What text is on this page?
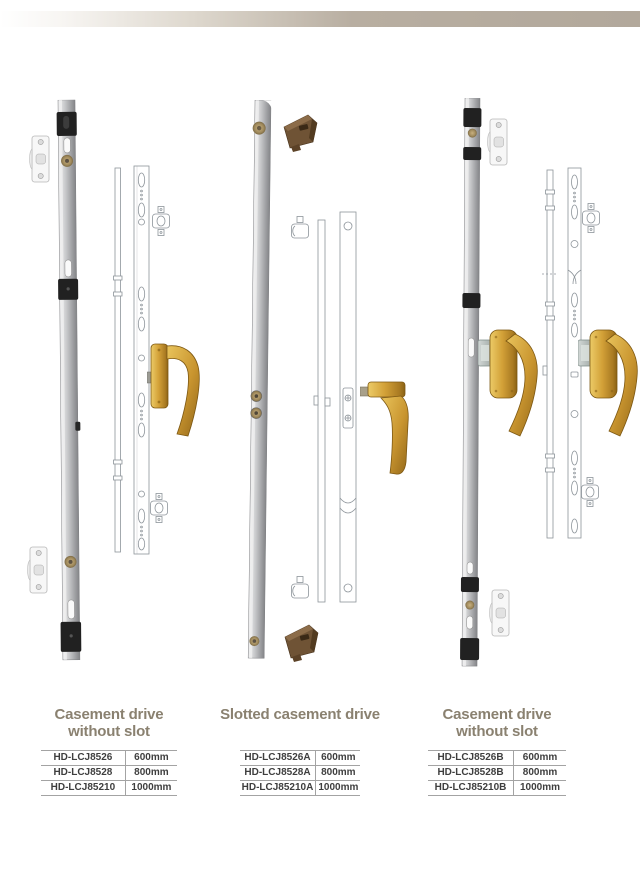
Casement drive
without slot
HD-LCJ8526	600mm
HD-LCJ8528	800mm
HD-LCJ85210	1000mm
Slotted casement drive
HD-LCJ8526A	600mm
HD-LCJ8528A	800mm
HD-LCJ85210A	1000mm
Casement drive
without slot
HD-LCJ8526B	600mm
HD-LCJ8528B	800mm
HD-LCJ85210B	1000mm
